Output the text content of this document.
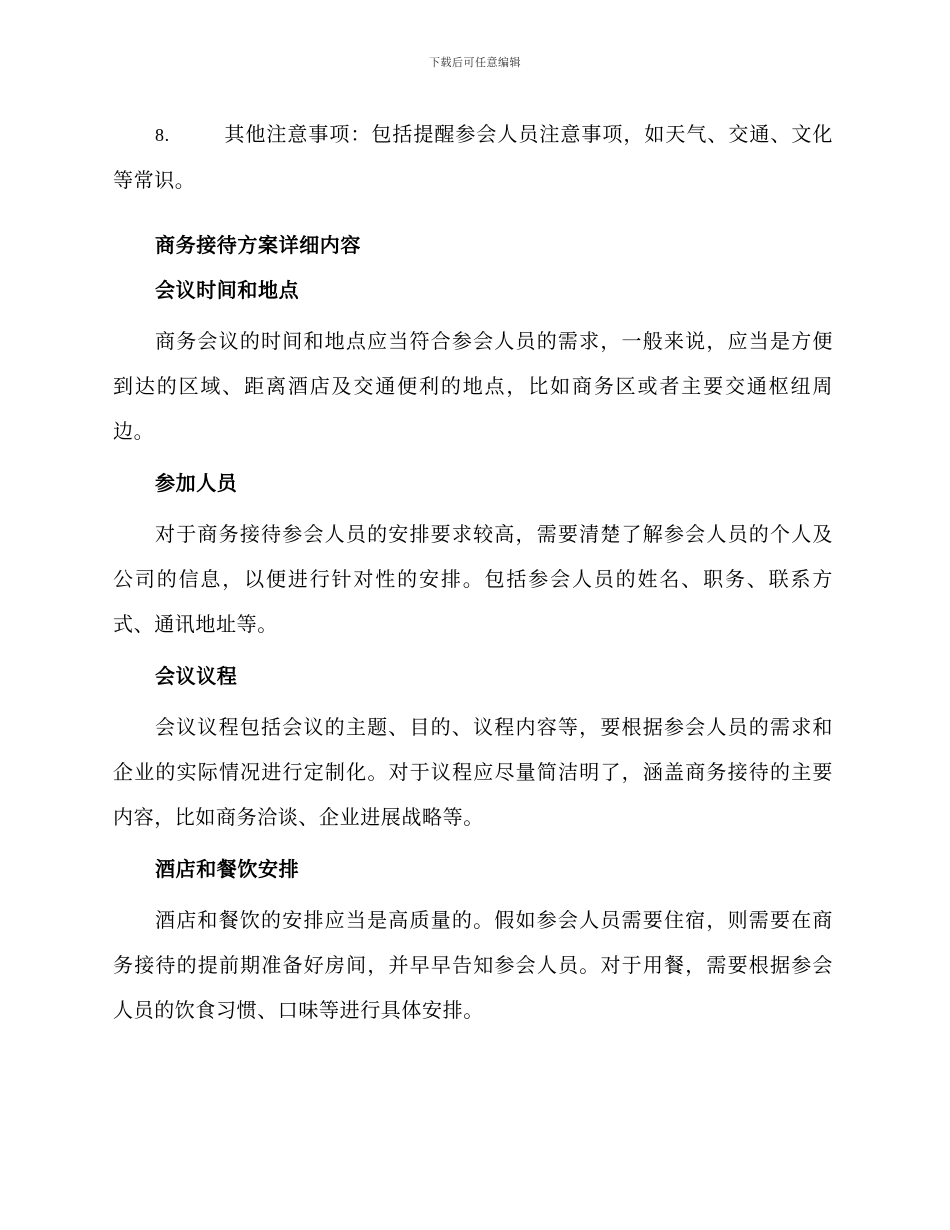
下载后可任意编辑

8.	其他注意事项：包括提醒参会人员注意事项，如天气、交通、文化等常识。

商务接待方案详细内容
会议时间和地点

商务会议的时间和地点应当符合参会人员的需求，一般来说，应当是方便到达的区域、距离酒店及交通便利的地点，比如商务区或者主要交通枢纽周边。

参加人员

对于商务接待参会人员的安排要求较高，需要清楚了解参会人员的个人及公司的信息，以便进行针对性的安排。包括参会人员的姓名、职务、联系方式、通讯地址等。

会议议程

会议议程包括会议的主题、目的、议程内容等，要根据参会人员的需求和企业的实际情况进行定制化。对于议程应尽量简洁明了，涵盖商务接待的主要内容，比如商务洽谈、企业进展战略等。

酒店和餐饮安排

酒店和餐饮的安排应当是高质量的。假如参会人员需要住宿，则需要在商务接待的提前期准备好房间，并早早告知参会人员。对于用餐，需要根据参会人员的饮食习惯、口味等进行具体安排。
